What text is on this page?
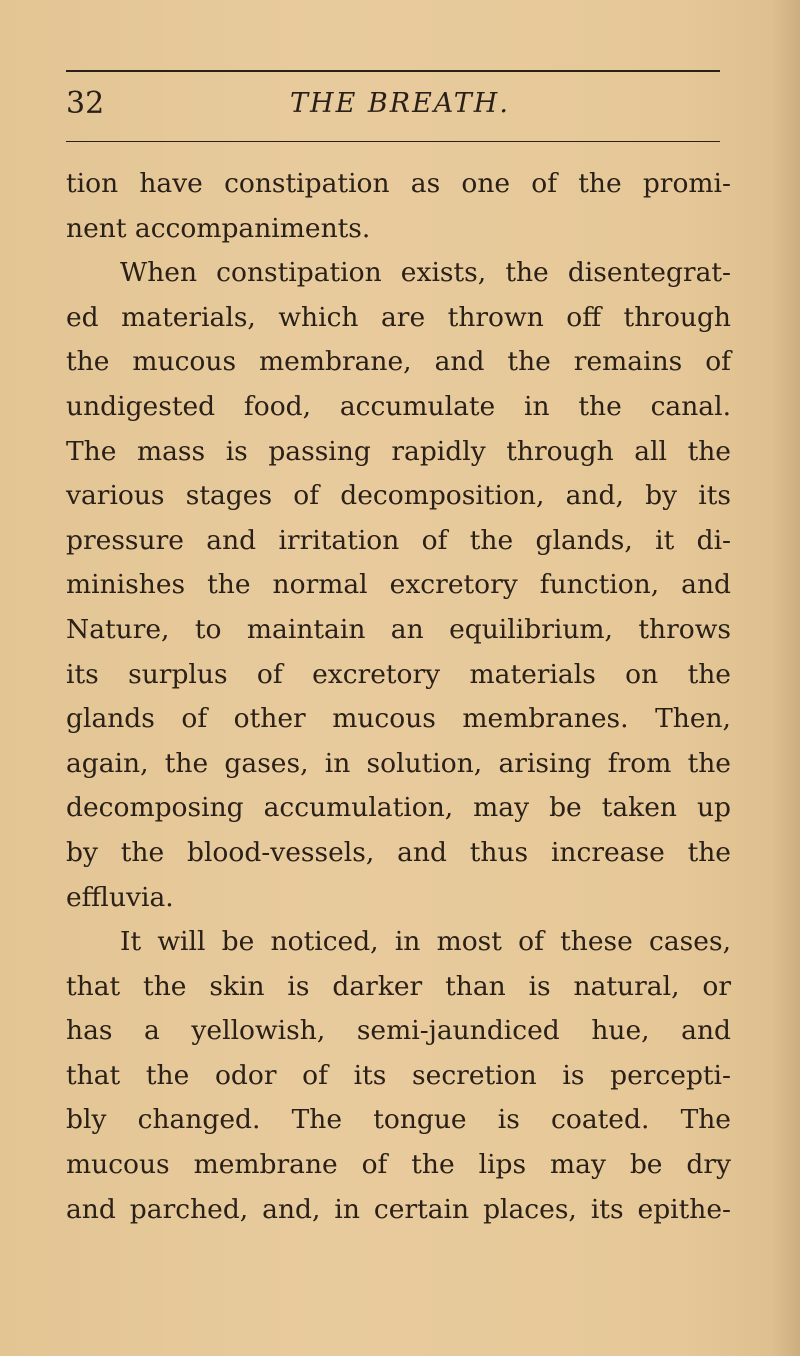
32	THE BREATH.
tion have constipation as one of the promi-
nent accompaniments.
When constipation exists, the disentegrat-
ed materials, which are thrown off through
the mucous membrane, and the remains of
undigested food, accumulate in the canal.
The mass is passing rapidly through all the
various stages of decomposition, and, by its
pressure and irritation of the glands, it di-
minishes the normal excretory function, and
Nature, to maintain an equilibrium, throws
its surplus of excretory materials on the
glands of other mucous membranes. Then,
again, the gases, in solution, arising from the
decomposing accumulation, may be taken up
by the blood-vessels, and thus increase the
effluvia.
It will be noticed, in most of these cases,
that the skin is darker than is natural, or
has a yellowish, semi-jaundiced hue, and
that the odor of its secretion is percepti-
bly changed. The tongue is coated. The
mucous membrane of the lips may be dry
and parched, and, in certain places, its epithe-
